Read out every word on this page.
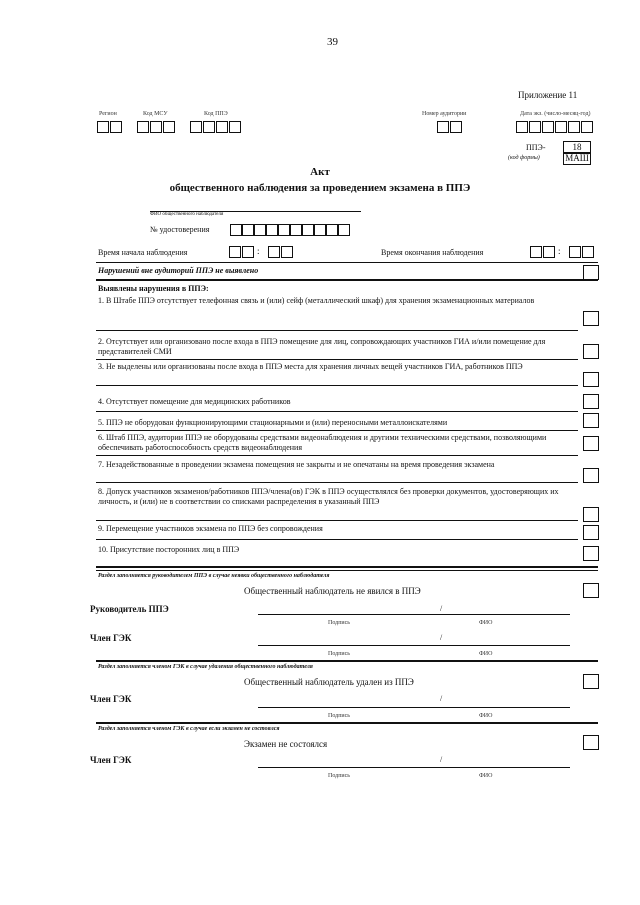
39
Приложение 11
Регион	Код МСУ	Код ППЭ	Номер аудитории	Дата экз. (число-месяц-год)
ППЭ-	18
(код формы)	МАШ
Акт
общественного наблюдения за проведением экзамена в ППЭ
ФИО общественного наблюдателя
№ удостоверения
Время начала наблюдения	:	Время окончания наблюдения	:
Нарушений вне аудиторий ППЭ не выявлено
Выявлены нарушения в ППЭ:
1. В Штабе ППЭ отсутствует телефонная связь и (или) сейф (металлический шкаф) для хранения экзаменационных материалов
2. Отсутствует или организовано после входа в ППЭ помещение для лиц, сопровождающих участников ГИА и/или помещение для представителей СМИ
3. Не выделены или организованы после входа в ППЭ места для хранения личных вещей участников ГИА, работников ППЭ
4. Отсутствует помещение для медицинских работников
5. ППЭ не оборудован функционирующими стационарными и (или) переносными металлоискателями
6. Штаб ППЭ, аудитории ППЭ не оборудованы средствами видеонаблюдения и другими техническими средствами, позволяющими обеспечивать работоспособность средств видеонаблюдения
7. Незадействованные в проведении экзамена помещения не закрыты и не опечатаны на время проведения экзамена
8. Допуск участников экзаменов/работников ППЭ/члена(ов) ГЭК в ППЭ осуществлялся без проверки документов, удостоверяющих их личность, и (или) не в соответствии со списками распределения в указанный ППЭ
9. Перемещение участников экзамена по ППЭ без сопровождения
10. Присутствие посторонних лиц в ППЭ
Раздел заполняется руководителем ППЭ в случае неявки общественного наблюдателя
Общественный наблюдатель не явился в ППЭ
/
Руководитель ППЭ
Подпись	ФИО
/
Член ГЭК
Подпись	ФИО
Раздел заполняется членом ГЭК в случае удаления общественного наблюдателя
Общественный наблюдатель удален из ППЭ
/
Член ГЭК
Подпись	ФИО
Раздел заполняется членом ГЭК в случае если экзамен не состоялся
Экзамен не состоялся
/
Член ГЭК
Подпись	ФИО
